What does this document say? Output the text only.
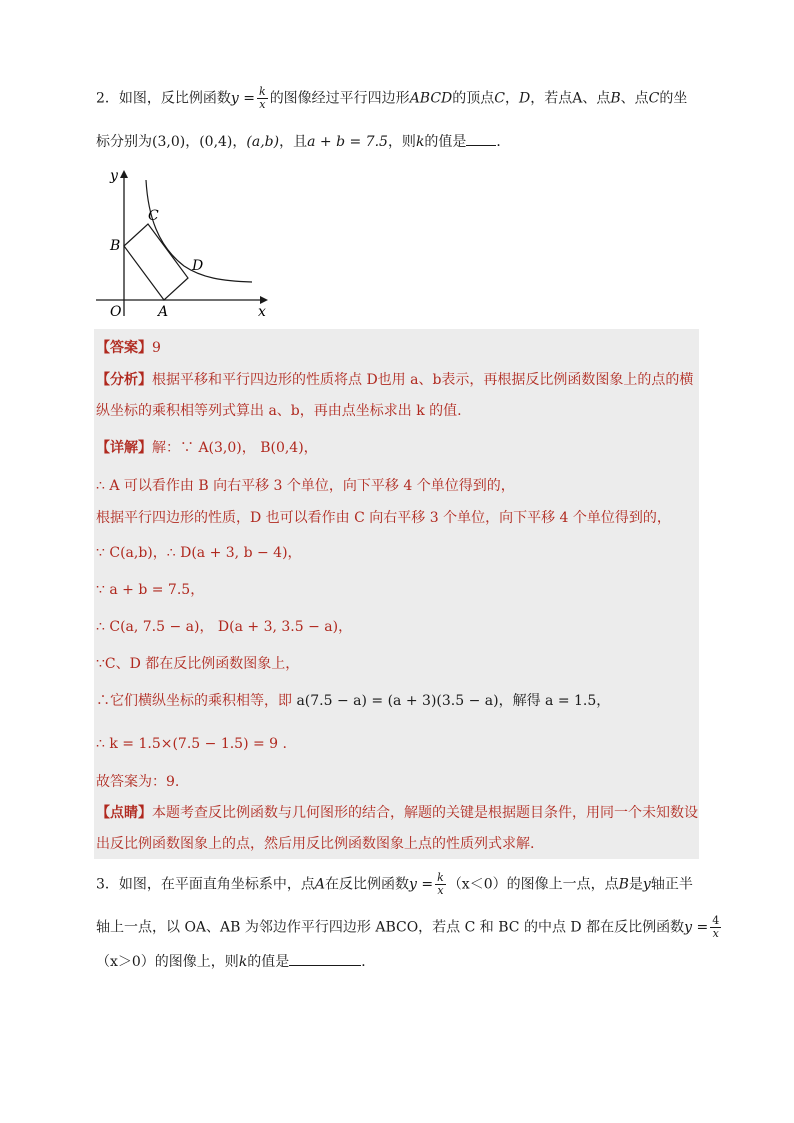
2．如图，反比例函数$y = \frac{k}{x}$ 的图像经过平行四边形ABCD的顶点C，D，若点A、点B、点C的坐
标分别为(3,0)，(0,4)，(a,b)，且a + b = 7.5，则k的值是 ．
y
x
O	A
B
C
D
【答案】9
【分析】根据平移和平行四边形的性质将点 D也用 a、b表示，再根据反比例函数图象上的点的横
纵坐标的乘积相等列式算出 a、b，再由点坐标求出 k 的值.
【详解】解：∵ A(3,0)， B(0,4)，
∴ A 可以看作由 B 向右平移 3 个单位，向下平移 4 个单位得到的，
根据平行四边形的性质，D 也可以看作由 C 向右平移 3 个单位，向下平移 4 个单位得到的，
∵ C(a,b)，∴ D(a + 3, b − 4)，
∵ a + b = 7.5，
∴ C(a, 7.5 − a)， D(a + 3, 3.5 − a)，
∵C、D 都在反比例函数图象上，
∴它们横纵坐标的乘积相等，即 a(7.5 − a) = (a + 3)(3.5 − a)，解得 a = 1.5，
∴ k = 1.5×(7.5 − 1.5) = 9 .
故答案为：9.
【点睛】本题考查反比例函数与几何图形的结合，解题的关键是根据题目条件，用同一个未知数设
出反比例函数图象上的点，然后用反比例函数图象上点的性质列式求解.
3．如图，在平面直角坐标系中，点A在反比例函数$y = \frac{k}{x} (x<0)$的图像上一点，点B是y轴正半
轴上一点，以 OA、AB 为邻边作平行四边形 ABCO，若点 C 和 BC 的中点 D 都在反比例函数$y = \frac{4}{x}$
（x＞0）的图像上，则k的值是	．
